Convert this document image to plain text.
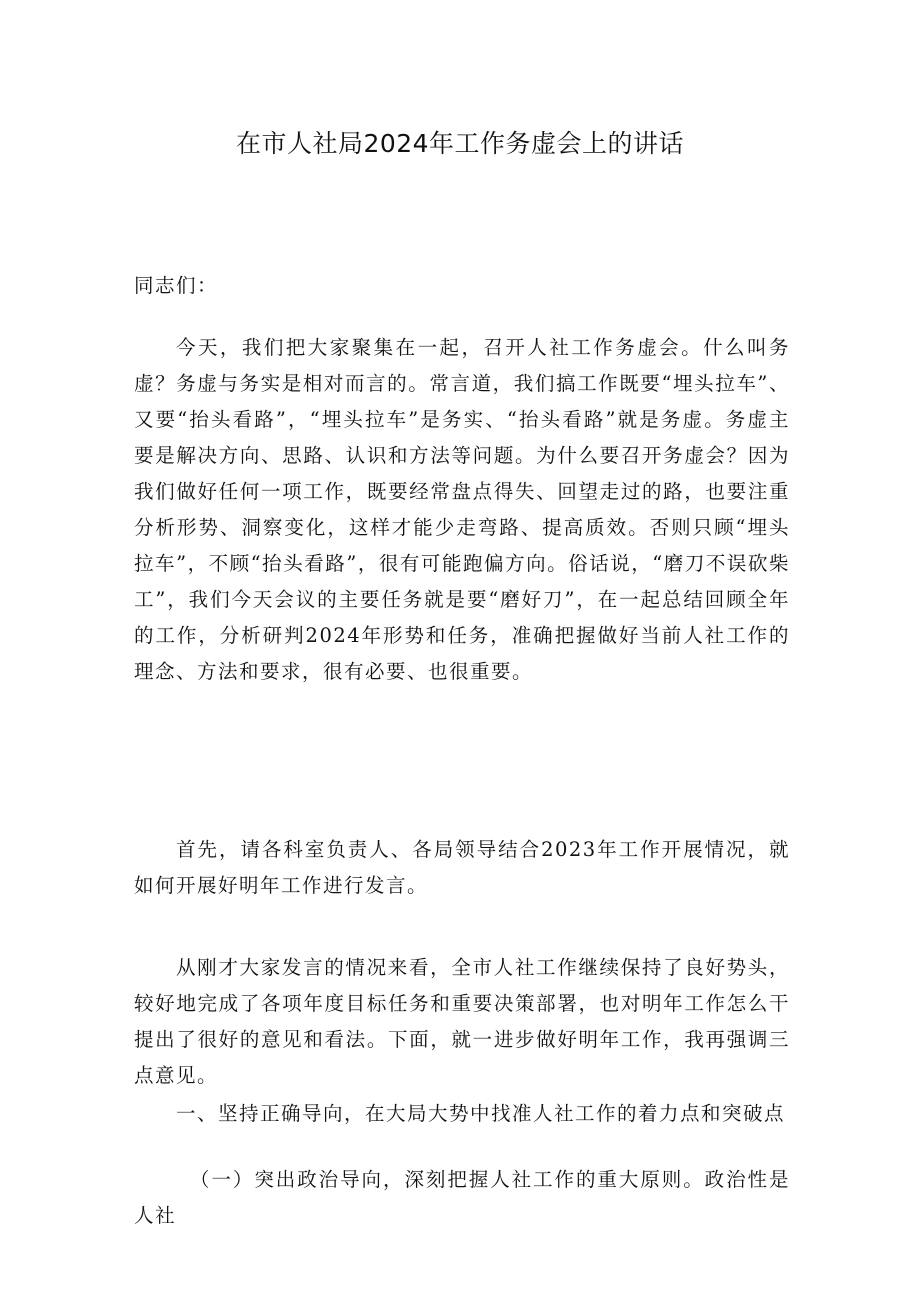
在市人社局2024年工作务虚会上的讲话

同志们：

今天，我们把大家聚集在一起，召开人社工作务虚会。什么叫务虚？务虚与务实是相对而言的。常言道，我们搞工作既要“埋头拉车”、又要“抬头看路”，“埋头拉车”是务实、“抬头看路”就是务虚。务虚主要是解决方向、思路、认识和方法等问题。为什么要召开务虚会？因为我们做好任何一项工作，既要经常盘点得失、回望走过的路，也要注重分析形势、洞察变化，这样才能少走弯路、提高质效。否则只顾“埋头拉车”，不顾“抬头看路”，很有可能跑偏方向。俗话说，“磨刀不误砍柴工”，我们今天会议的主要任务就是要“磨好刀”，在一起总结回顾全年的工作，分析研判2024年形势和任务，准确把握做好当前人社工作的理念、方法和要求，很有必要、也很重要。

首先，请各科室负责人、各局领导结合2023年工作开展情况，就如何开展好明年工作进行发言。

从刚才大家发言的情况来看，全市人社工作继续保持了良好势头，较好地完成了各项年度目标任务和重要决策部署，也对明年工作怎么干提出了很好的意见和看法。下面，就一进步做好明年工作，我再强调三点意见。

一、坚持正确导向，在大局大势中找准人社工作的着力点和突破点

（一）突出政治导向，深刻把握人社工作的重大原则。政治性是人社
